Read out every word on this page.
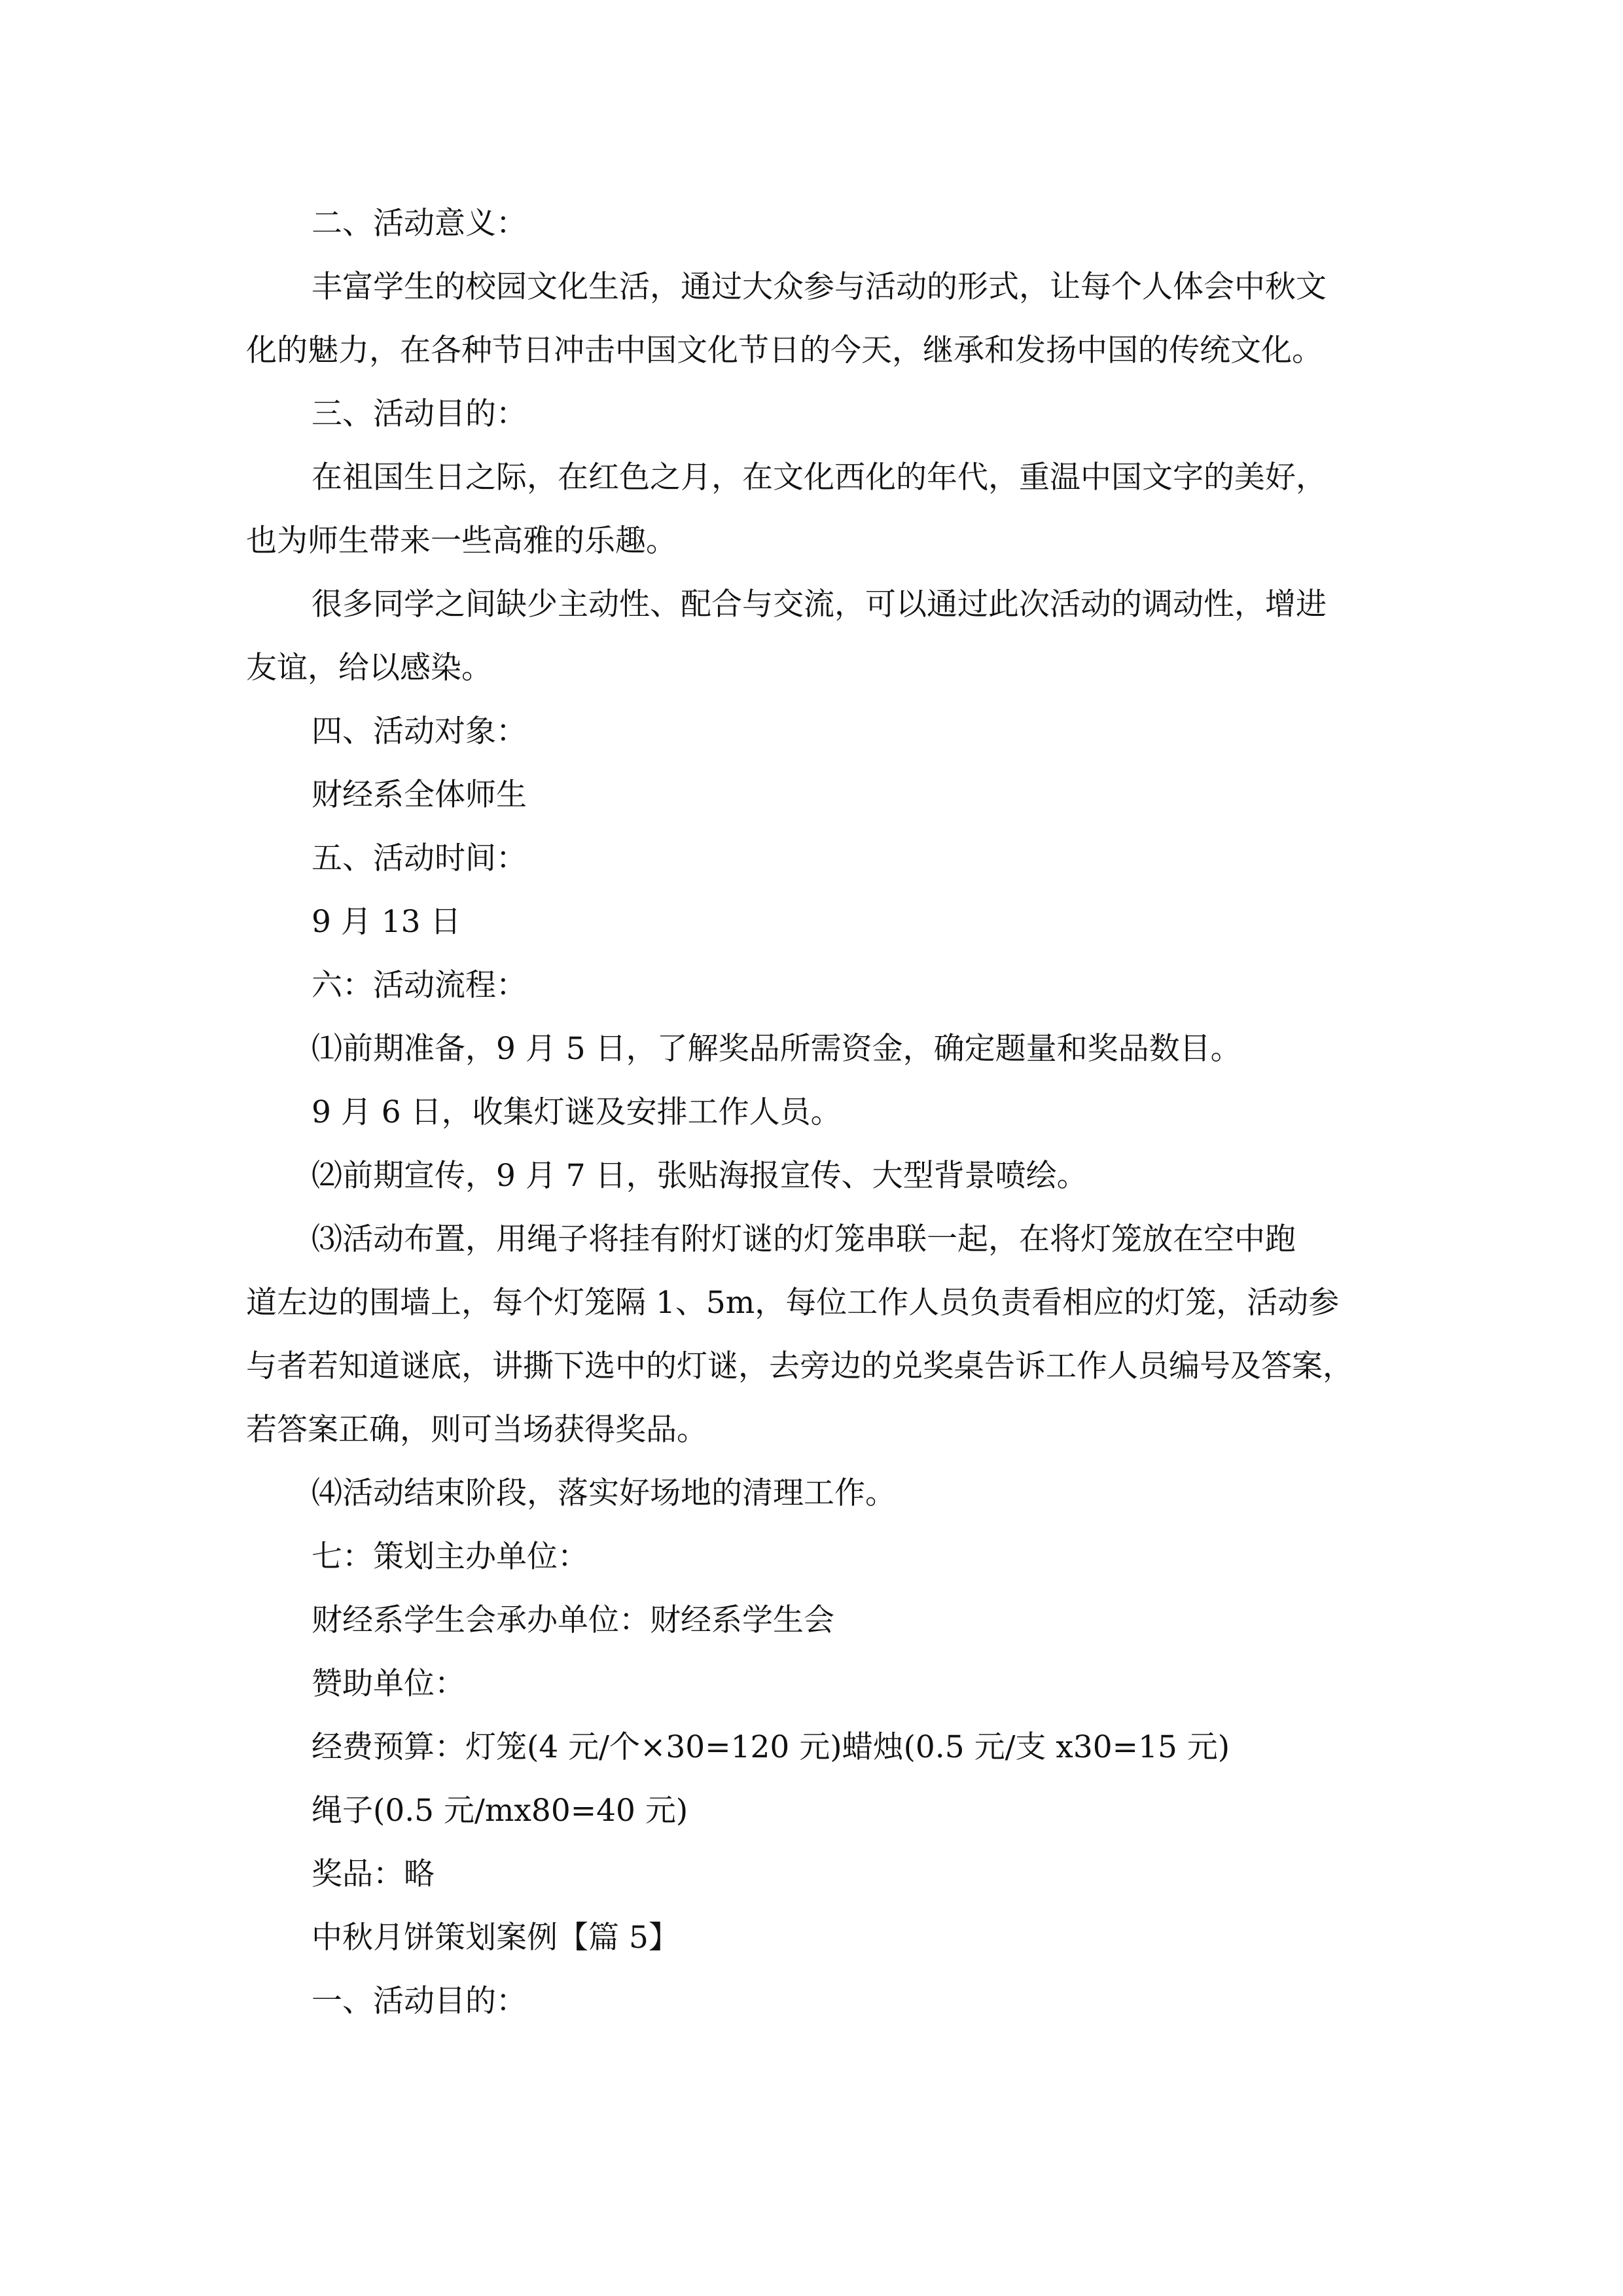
二、活动意义：
丰富学生的校园文化生活，通过大众参与活动的形式，让每个人体会中秋文
化的魅力，在各种节日冲击中国文化节日的今天，继承和发扬中国的传统文化。
三、活动目的：
在祖国生日之际，在红色之月，在文化西化的年代，重温中国文字的美好，
也为师生带来一些高雅的乐趣。
很多同学之间缺少主动性、配合与交流，可以通过此次活动的调动性，增进
友谊，给以感染。
四、活动对象：
财经系全体师生
五、活动时间：
9 月 13 日
六：活动流程：
⑴前期准备，9 月 5 日，了解奖品所需资金，确定题量和奖品数目。
9 月 6 日，收集灯谜及安排工作人员。
⑵前期宣传，9 月 7 日，张贴海报宣传、大型背景喷绘。
⑶活动布置，用绳子将挂有附灯谜的灯笼串联一起，在将灯笼放在空中跑
道左边的围墙上，每个灯笼隔 1、5m，每位工作人员负责看相应的灯笼，活动参
与者若知道谜底，讲撕下选中的灯谜，去旁边的兑奖桌告诉工作人员编号及答案，
若答案正确，则可当场获得奖品。
⑷活动结束阶段，落实好场地的清理工作。
七：策划主办单位：
财经系学生会承办单位：财经系学生会
赞助单位：
经费预算：灯笼(4 元/个×30=120 元)蜡烛(0.5 元/支 x30=15 元)
绳子(0.5 元/mx80=40 元)
奖品：略
中秋月饼策划案例【篇 5】
一、活动目的：
